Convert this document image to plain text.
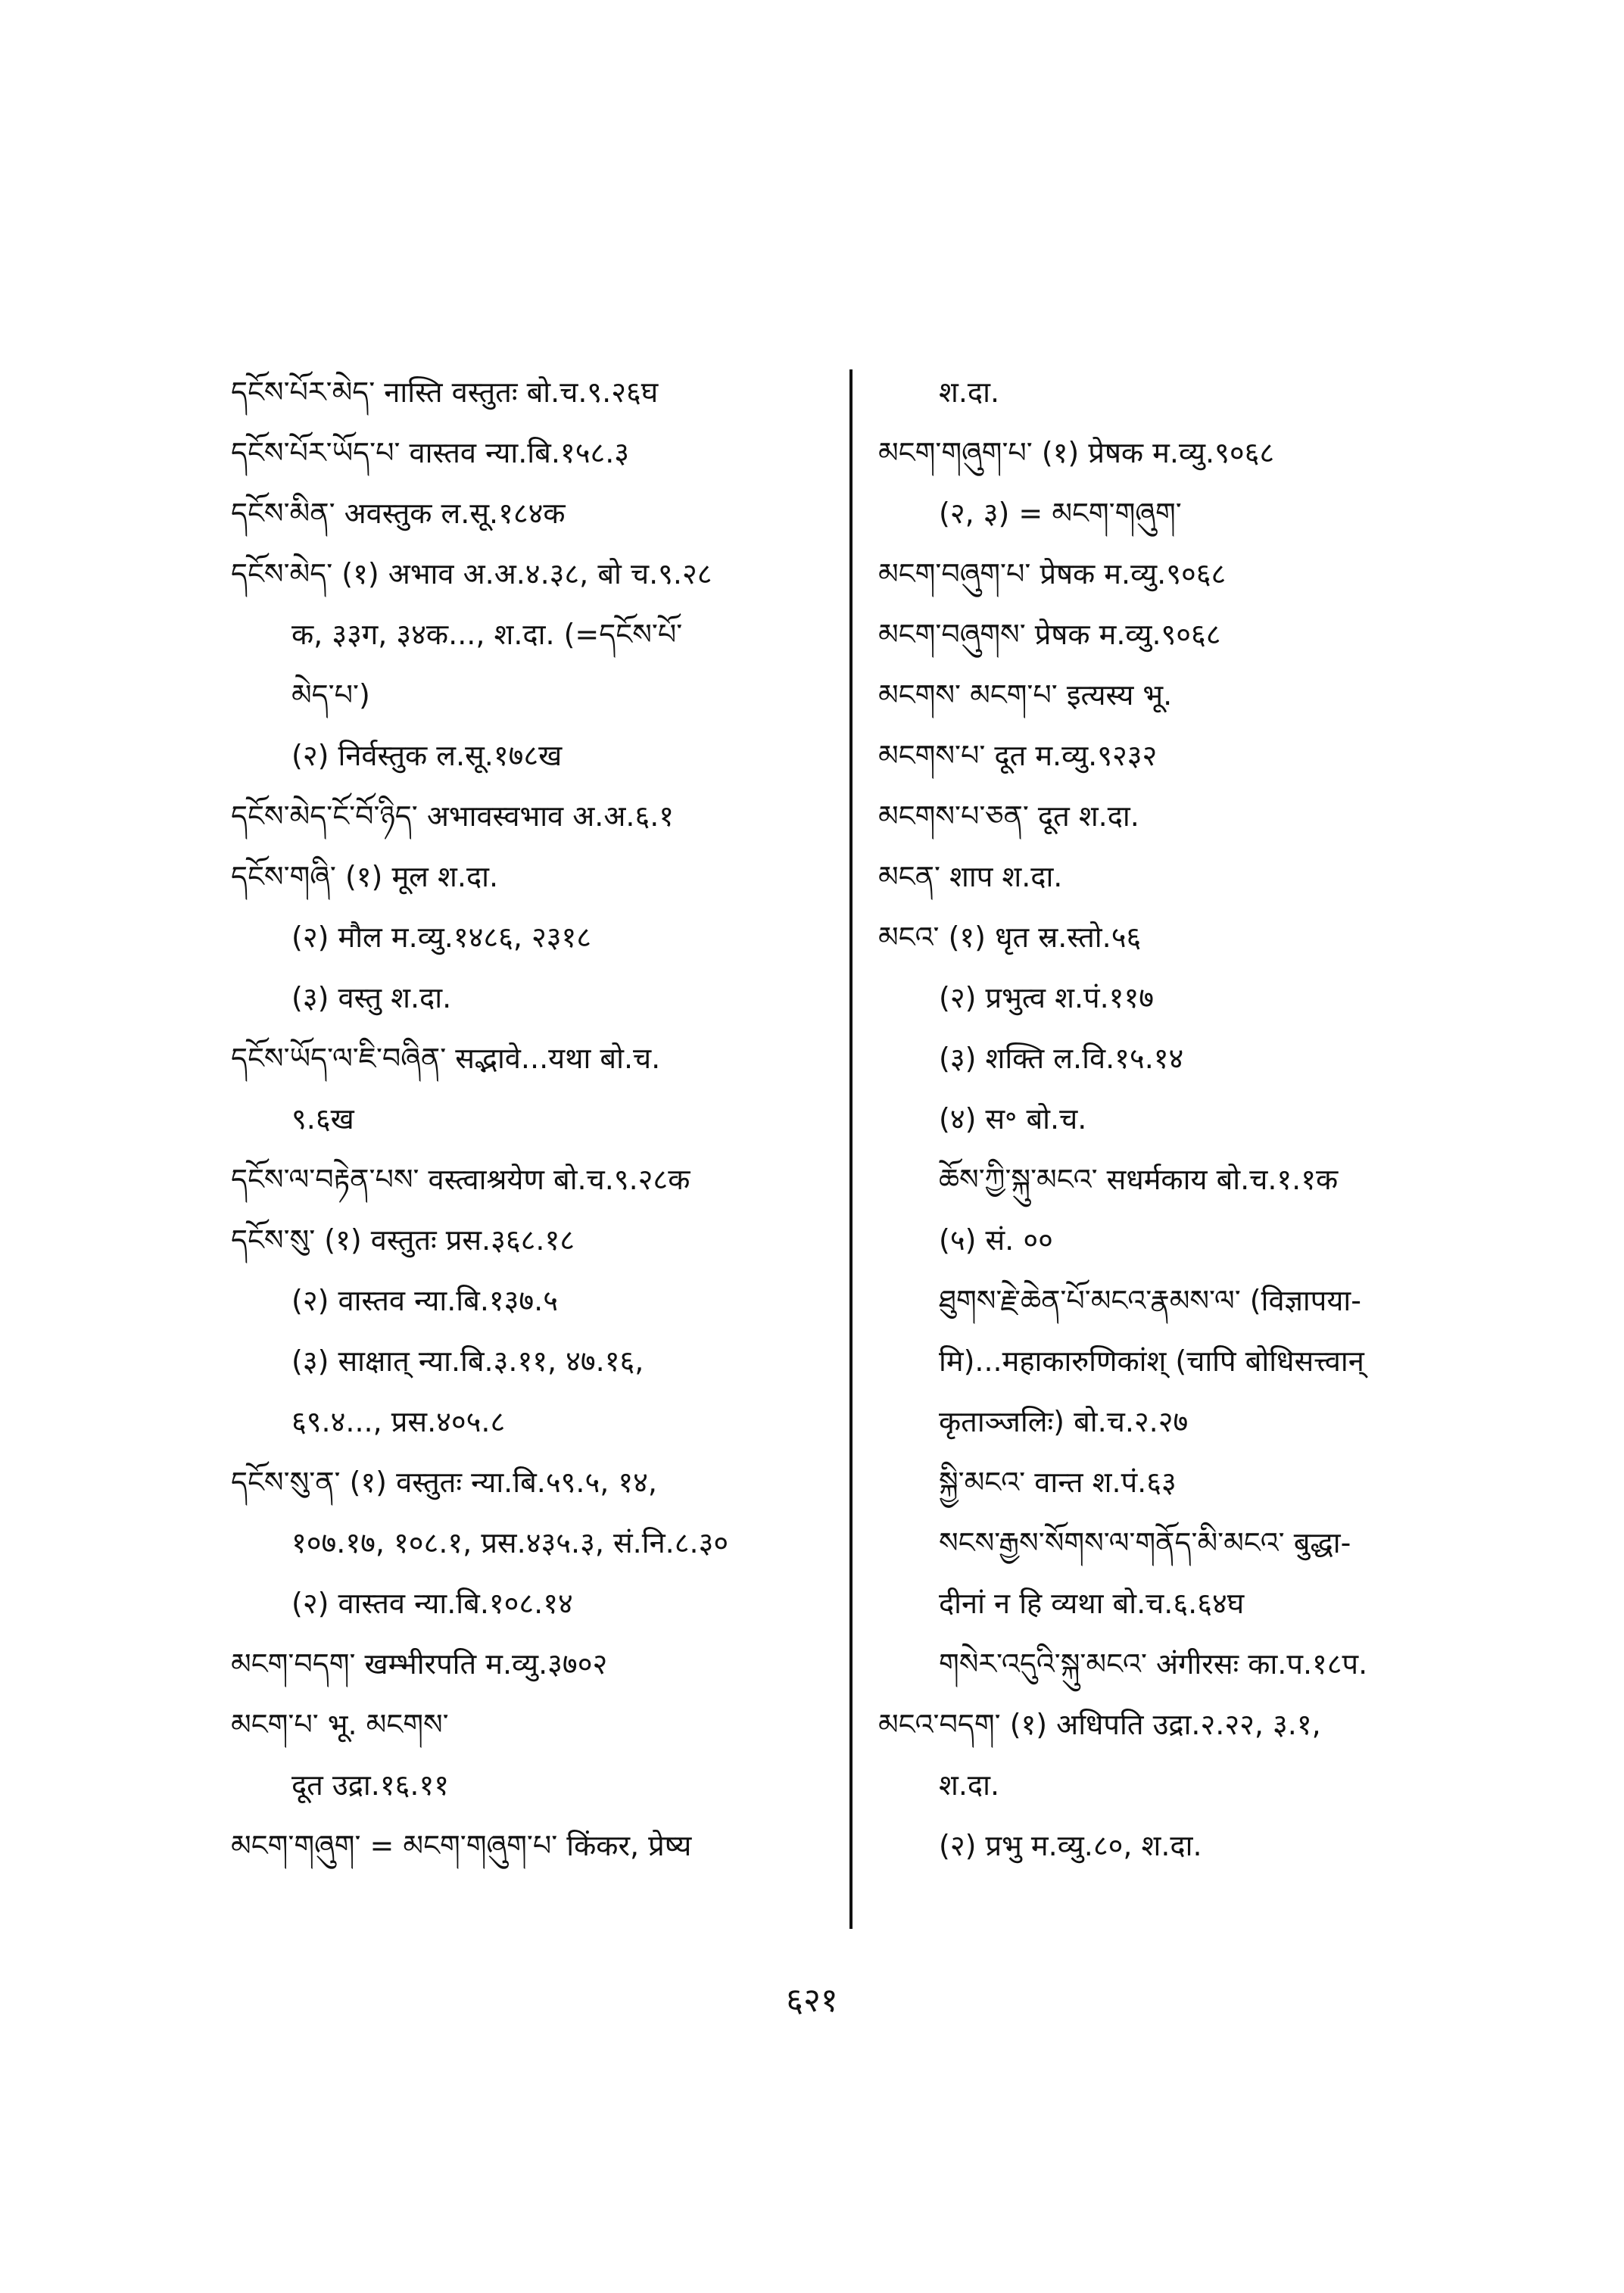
དངོས་པོར་མེད་ नास्ति वस्तुतः बो.च.९.२६घ
དངོས་པོར་ཡོད་པ་ वास्तव न्या.बि.१५८.३
དངོས་མིན་ अवस्तुक ल.सू.१८४क
དངོས་མེད་ (१) अभाव अ.अ.४.३८, बो च.९.२८
क, ३३ग, ३४क..., श.दा. (=དངོས་པོ་
མེད་པ་)
(२) निर्वस्तुक ल.सू.१७८ख
དངོས་མེད་ངོ་བོ་ཉིད་ अभावस्वभाव अ.अ.६.१
དངོས་གཞི་ (१) मूल श.दा.
(२) मौल म.व्यु.१४८६, २३१८
(३) वस्तु श.दा.
དངོས་ཡོད་ལ་ཇི་བཞིན་ सद्भावे...यथा बो.च.
९.६ख
དངོས་ལ་བརྟེན་པས་ वस्त्वाश्रयेण बो.च.९.२८क
དངོས་སུ་ (१) वस्तुतः प्रस.३६८.१८
(२) वास्तव न्या.बि.१३७.५
(३) साक्षात् न्या.बि.३.११, ४७.१६,
६९.४..., प्रस.४०५.८
དངོས་སུ་ན་ (१) वस्तुतः न्या.बि.५९.५, १४,
१०७.१७, १०८.१, प्रस.४३५.३, सं.नि.८.३०
(२) वास्तव न्या.बि.१०८.१४
མངག་བདག་ खम्भीरपति म.व्यु.३७०२
མངག་པ་ भू. མངགས་
दूत उद्रा.१६.११
མངག་གཞུག་ = མངག་གཞུག་པ་ किंकर, प्रेष्य
श.दा.
མངག་གཞུག་པ་ (१) प्रेषक म.व्यु.९०६८
(२, ३) = མངག་གཞུག་
མངག་བཞུག་པ་ प्रेषक म.व्यु.९०६८
མངག་བཞུགས་ प्रेषक म.व्यु.९०६८
མངགས་ མངག་པ་ इत्यस्य भू.
མངགས་པ་ दूत म.व्यु.९२३२
མངགས་པ་ཅན་ दूत श.दा.
མངན་ शाप श.दा.
མངའ་ (१) धृत स्र.स्तो.५६
(२) प्रभुत्व श.पं.११७
(३) शक्ति ल.वि.१५.१४
(४) स॰ बो.च.
ཆོས་ཀྱི་སྐུ་མངའ་ सधर्मकाय बो.च.१.१क
(५) सं. ००
ཐུགས་རྗེ་ཆེན་པོ་མངའ་རྣམས་ལ་ (विज्ञापया-
मि)...महाकारुणिकांश् (चापि बोधिसत्त्वान्
कृताञ्जलिः) बो.च.२.२७
སྐྱི་མངའ་ वान्त श.पं.६३
སངས་རྒྱས་སོགས་ལ་གནོད་མི་མངའ་ बुद्धा-
दीनां न हि व्यथा बो.च.६.६४घ
གསེར་འདུའི་སྐུ་མངའ་ अंगीरसः का.प.१८प.
མངའ་བདག་ (१) अधिपति उद्रा.२.२२, ३.१,
श.दा.
(२) प्रभु म.व्यु.८०, श.दा.
६२१
